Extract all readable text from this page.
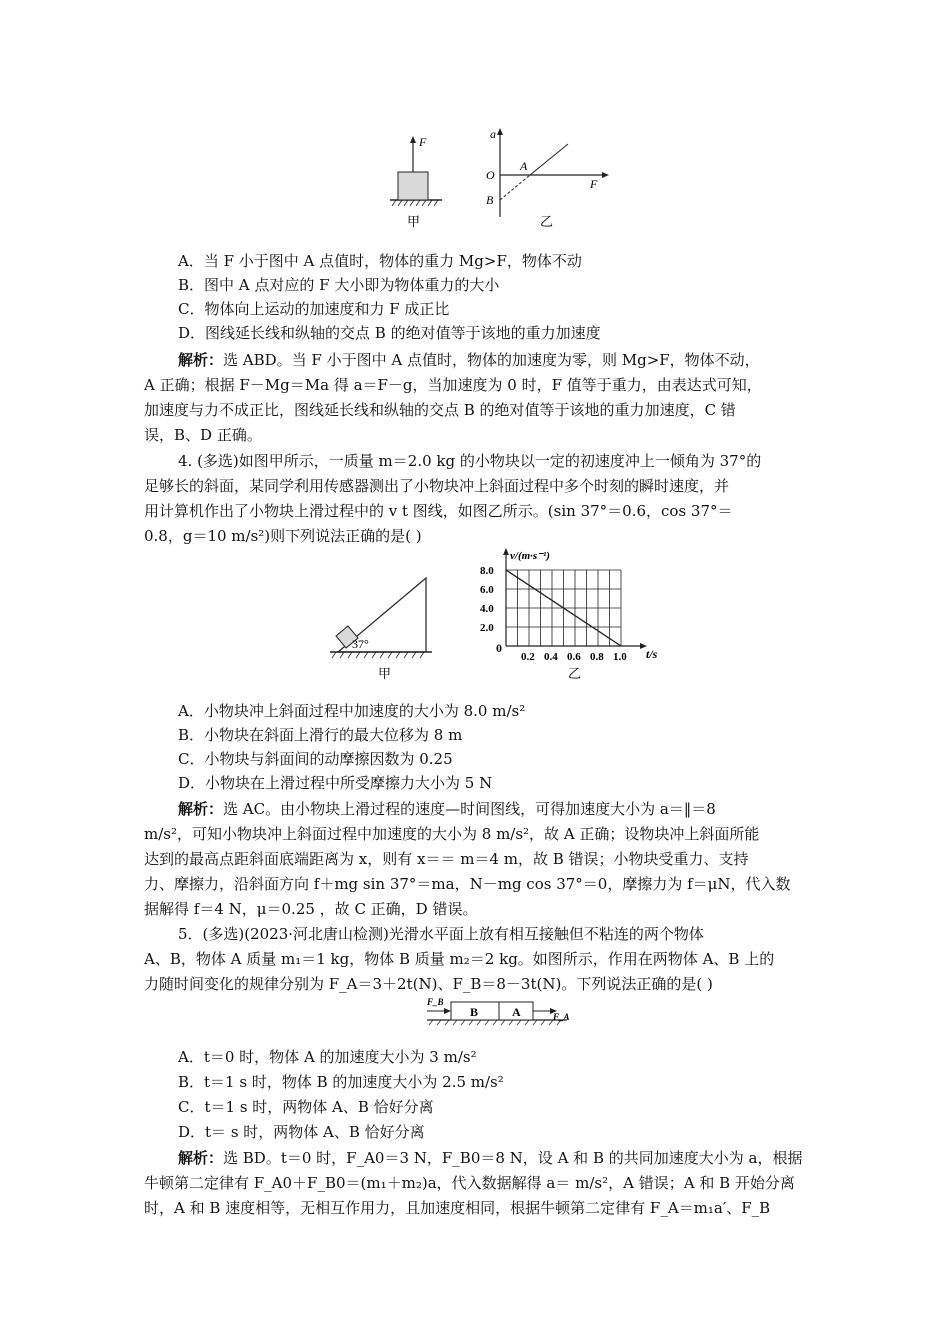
F
甲
a
O
A
B
F
乙
A．当 F 小于图中 A 点值时，物体的重力 Mg>F，物体不动
B．图中 A 点对应的 F 大小即为物体重力的大小
C．物体向上运动的加速度和力 F 成正比
D．图线延长线和纵轴的交点 B 的绝对值等于该地的重力加速度
解析：选 ABD。当 F 小于图中 A 点值时，物体的加速度为零，则 Mg>F，物体不动，
A 正确；根据 F－Mg＝Ma 得 a＝F－g，当加速度为 0 时，F 值等于重力，由表达式可知，
加速度与力不成正比，图线延长线和纵轴的交点 B 的绝对值等于该地的重力加速度，C 错
误，B、D 正确。
4. (多选)如图甲所示，一质量 m＝2.0 kg 的小物块以一定的初速度冲上一倾角为 37°的
足够长的斜面，某同学利用传感器测出了小物块冲上斜面过程中多个时刻的瞬时速度，并
用计算机作出了小物块上滑过程中的 v t 图线，如图乙所示。(sin 37°＝0.6，cos 37°＝
0.8，g＝10 m/s²)则下列说法正确的是( )
37°
甲
8.0
6.0
4.0
2.0
1.0
0.8
0.6
0.4
0.2
v/(m·s⁻¹)
t/s
0
乙
A．小物块冲上斜面过程中加速度的大小为 8.0 m/s²
B．小物块在斜面上滑行的最大位移为 8 m
C．小物块与斜面间的动摩擦因数为 0.25
D．小物块在上滑过程中所受摩擦力大小为 5 N
解析：选 AC。由小物块上滑过程的速度—时间图线，可得加速度大小为 a＝‖＝8
m/s²，可知小物块冲上斜面过程中加速度的大小为 8 m/s²，故 A 正确；设物块冲上斜面所能
达到的最高点距斜面底端距离为 x，则有 x＝＝ m＝4 m，故 B 错误；小物块受重力、支持
力、摩擦力，沿斜面方向 f＋mg sin 37°＝ma，N－mg cos 37°＝0，摩擦力为 f＝μN，代入数
据解得 f＝4 N，μ＝0.25 ，故 C 正确，D 错误。
5．(多选)(2023·河北唐山检测)光滑水平面上放有相互接触但不粘连的两个物体
A、B，物体 A 质量 m₁＝1 kg，物体 B 质量 m₂＝2 kg。如图所示，作用在两物体 A、B 上的
力随时间变化的规律分别为 F_A＝3＋2t(N)、F_B＝8－3t(N)。下列说法正确的是( )
B	A
F_B
F_A
A．t＝0 时，物体 A 的加速度大小为 3 m/s²
B．t＝1 s 时，物体 B 的加速度大小为 2.5 m/s²
C．t＝1 s 时，两物体 A、B 恰好分离
D．t＝ s 时，两物体 A、B 恰好分离
解析：选 BD。t＝0 时，F_A0＝3 N，F_B0＝8 N，设 A 和 B 的共同加速度大小为 a，根据
牛顿第二定律有 F_A0＋F_B0＝(m₁＋m₂)a，代入数据解得 a＝ m/s²，A 错误；A 和 B 开始分离
时，A 和 B 速度相等，无相互作用力，且加速度相同，根据牛顿第二定律有 F_A＝m₁a′、F_B
